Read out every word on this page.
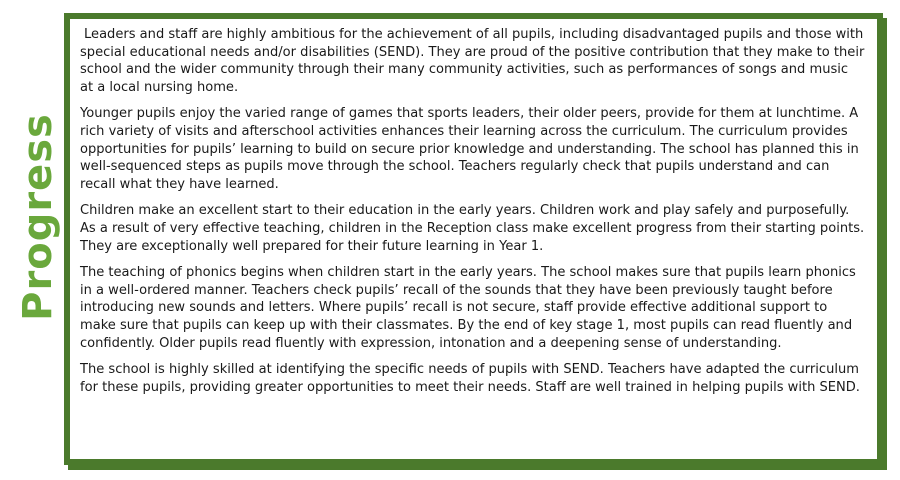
Progress

Leaders and staff are highly ambitious for the achievement of all pupils, including disadvantaged pupils and those with special educational needs and/or disabilities (SEND). They are proud of the positive contribution that they make to their school and the wider community through their many community activities, such as performances of songs and music at a local nursing home.

Younger pupils enjoy the varied range of games that sports leaders, their older peers, provide for them at lunchtime. A rich variety of visits and afterschool activities enhances their learning across the curriculum. The curriculum provides opportunities for pupils’ learning to build on secure prior knowledge and understanding. The school has planned this in well-sequenced steps as pupils move through the school. Teachers regularly check that pupils understand and can recall what they have learned.

Children make an excellent start to their education in the early years. Children work and play safely and purposefully. As a result of very effective teaching, children in the Reception class make excellent progress from their starting points. They are exceptionally well prepared for their future learning in Year 1.

The teaching of phonics begins when children start in the early years. The school makes sure that pupils learn phonics in a well-ordered manner. Teachers check pupils’ recall of the sounds that they have been previously taught before introducing new sounds and letters. Where pupils’ recall is not secure, staff provide effective additional support to make sure that pupils can keep up with their classmates. By the end of key stage 1, most pupils can read fluently and confidently. Older pupils read fluently with expression, intonation and a deepening sense of understanding.

The school is highly skilled at identifying the specific needs of pupils with SEND. Teachers have adapted the curriculum for these pupils, providing greater opportunities to meet their needs. Staff are well trained in helping pupils with SEND.
